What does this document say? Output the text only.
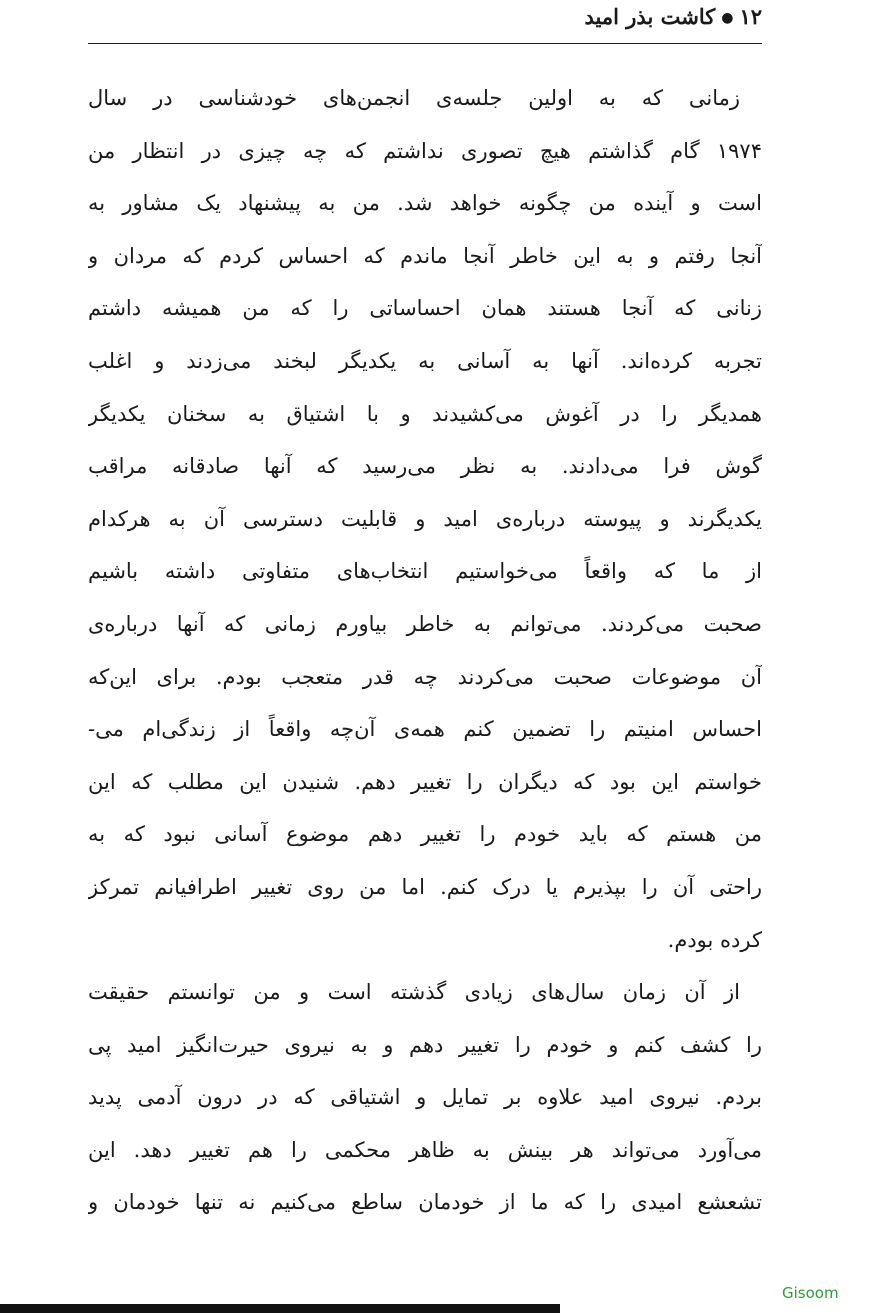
۱۲●کاشت بذر امید
زمانی که به اولین جلسه‌ی انجمن‌های خودشناسی در سال
۱۹۷۴ گام گذاشتم هیچ تصوری نداشتم که چه چیزی در انتظار من
است و آینده من چگونه خواهد شد. من به پیشنهاد یک مشاور به
آنجا رفتم و به این خاطر آنجا ماندم که احساس کردم که مردان و
زنانی که آنجا هستند همان احساساتی را که من همیشه داشتم
تجربه کرده‌اند. آنها به آسانی به یکدیگر لبخند می‌زدند و اغلب
همدیگر را در آغوش می‌کشیدند و با اشتیاق به سخنان یکدیگر
گوش فرا می‌دادند. به نظر می‌رسید که آنها صادقانه مراقب
یکدیگرند و پیوسته درباره‌ی امید و قابلیت دسترسی آن به هرکدام
از ما که واقعاً می‌خواستیم انتخاب‌های متفاوتی داشته باشیم
صحبت می‌کردند. می‌توانم به خاطر بیاورم زمانی که آنها درباره‌ی
آن موضوعات صحبت می‌کردند چه قدر متعجب بودم. برای این‌که
احساس امنیتم را تضمین کنم همه‌ی آن‌چه واقعاً از زندگی‌ام می-
خواستم این بود که دیگران را تغییر دهم. شنیدن این مطلب که این
من هستم که باید خودم را تغییر دهم موضوع آسانی نبود که به
راحتی آن را بپذیرم یا درک کنم. اما من روی تغییر اطرافیانم تمرکز
کرده بودم.
از آن زمان سال‌های زیادی گذشته است و من توانستم حقیقت
را کشف کنم و خودم را تغییر دهم و به نیروی حیرت‌انگیز امید پی
بردم. نیروی امید علاوه بر تمایل و اشتیاقی که در درون آدمی پدید
می‌آورد می‌تواند هر بینش به ظاهر محکمی را هم تغییر دهد. این
تشعشع امیدی را که ما از خودمان ساطع می‌کنیم نه تنها خودمان و
Gisoom
